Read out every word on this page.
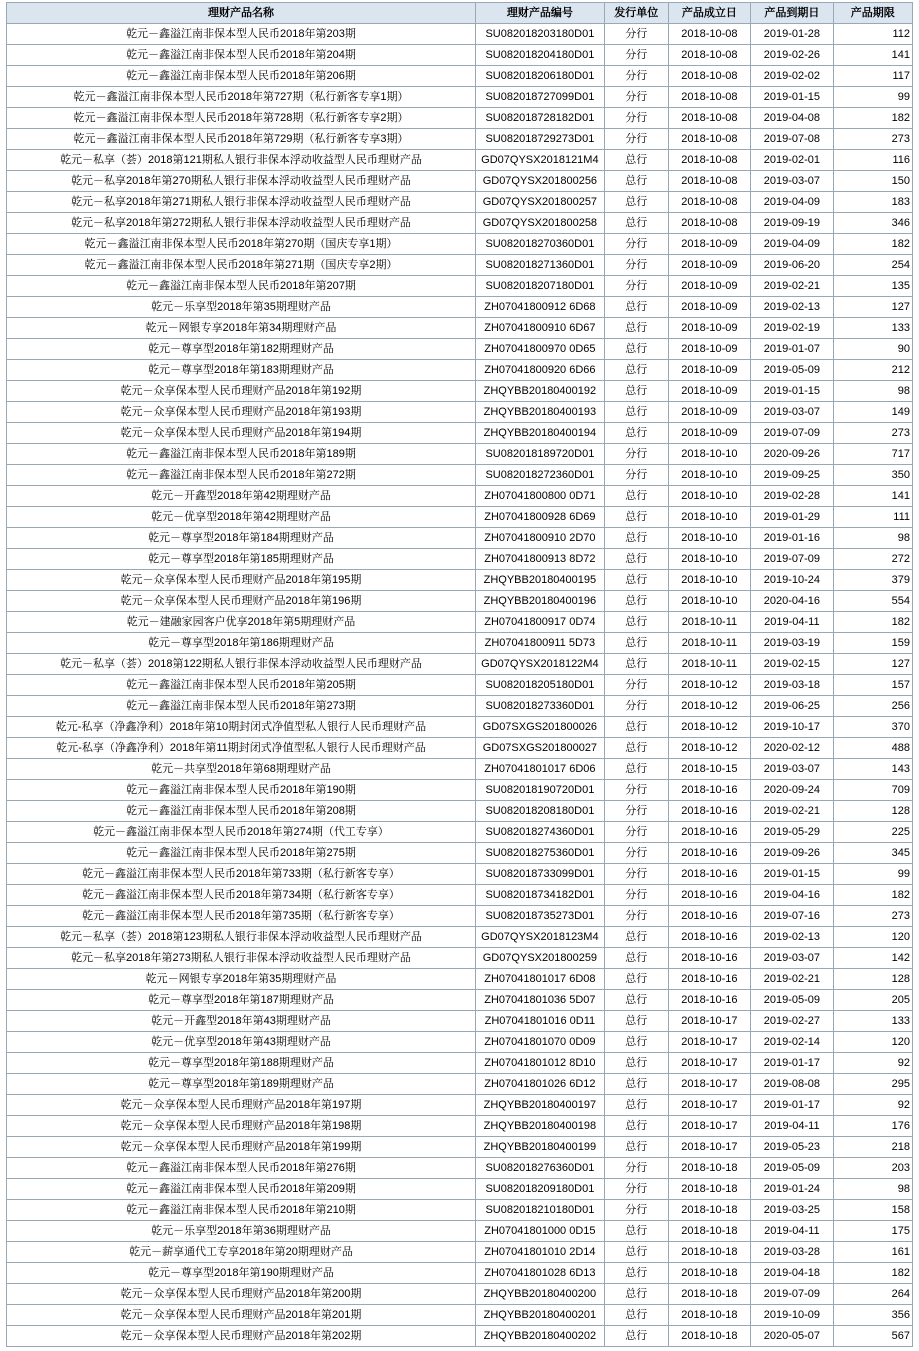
理财产品名称	理财产品编号	发行单位	产品成立日	产品到期日	产品期限
乾元－鑫溢江南非保本型人民币2018年第203期	SU082018203180D01	分行	2018-10-08	2019-01-28	112
乾元－鑫溢江南非保本型人民币2018年第204期	SU082018204180D01	分行	2018-10-08	2019-02-26	141
乾元－鑫溢江南非保本型人民币2018年第206期	SU082018206180D01	分行	2018-10-08	2019-02-02	117
乾元－鑫溢江南非保本型人民币2018年第727期（私行新客专享1期）	SU082018727099D01	分行	2018-10-08	2019-01-15	99
乾元－鑫溢江南非保本型人民币2018年第728期（私行新客专享2期）	SU082018728182D01	分行	2018-10-08	2019-04-08	182
乾元－鑫溢江南非保本型人民币2018年第729期（私行新客专享3期）	SU082018729273D01	分行	2018-10-08	2019-07-08	273
乾元－私享（荟）2018第121期私人银行非保本浮动收益型人民币理财产品	GD07QYSX2018121M4	总行	2018-10-08	2019-02-01	116
乾元－私享2018年第270期私人银行非保本浮动收益型人民币理财产品	GD07QYSX201800256	总行	2018-10-08	2019-03-07	150
乾元－私享2018年第271期私人银行非保本浮动收益型人民币理财产品	GD07QYSX201800257	总行	2018-10-08	2019-04-09	183
乾元－私享2018年第272期私人银行非保本浮动收益型人民币理财产品	GD07QYSX201800258	总行	2018-10-08	2019-09-19	346
乾元－鑫溢江南非保本型人民币2018年第270期（国庆专享1期）	SU082018270360D01	分行	2018-10-09	2019-04-09	182
乾元－鑫溢江南非保本型人民币2018年第271期（国庆专享2期）	SU082018271360D01	分行	2018-10-09	2019-06-20	254
乾元－鑫溢江南非保本型人民币2018年第207期	SU082018207180D01	分行	2018-10-09	2019-02-21	135
乾元－乐享型2018年第35期理财产品	ZH07041800912 6D68	总行	2018-10-09	2019-02-13	127
乾元－网银专享2018年第34期理财产品	ZH07041800910 6D67	总行	2018-10-09	2019-02-19	133
乾元－尊享型2018年第182期理财产品	ZH07041800970 0D65	总行	2018-10-09	2019-01-07	90
乾元－尊享型2018年第183期理财产品	ZH07041800920 6D66	总行	2018-10-09	2019-05-09	212
乾元－众享保本型人民币理财产品2018年第192期	ZHQYBB20180400192	总行	2018-10-09	2019-01-15	98
乾元－众享保本型人民币理财产品2018年第193期	ZHQYBB20180400193	总行	2018-10-09	2019-03-07	149
乾元－众享保本型人民币理财产品2018年第194期	ZHQYBB20180400194	总行	2018-10-09	2019-07-09	273
乾元－鑫溢江南非保本型人民币2018年第189期	SU082018189720D01	分行	2018-10-10	2020-09-26	717
乾元－鑫溢江南非保本型人民币2018年第272期	SU082018272360D01	分行	2018-10-10	2019-09-25	350
乾元－开鑫型2018年第42期理财产品	ZH07041800800 0D71	总行	2018-10-10	2019-02-28	141
乾元－优享型2018年第42期理财产品	ZH07041800928 6D69	总行	2018-10-10	2019-01-29	111
乾元－尊享型2018年第184期理财产品	ZH07041800910 2D70	总行	2018-10-10	2019-01-16	98
乾元－尊享型2018年第185期理财产品	ZH07041800913 8D72	总行	2018-10-10	2019-07-09	272
乾元－众享保本型人民币理财产品2018年第195期	ZHQYBB20180400195	总行	2018-10-10	2019-10-24	379
乾元－众享保本型人民币理财产品2018年第196期	ZHQYBB20180400196	总行	2018-10-10	2020-04-16	554
乾元－建融家园客户优享2018年第5期理财产品	ZH07041800917 0D74	总行	2018-10-11	2019-04-11	182
乾元－尊享型2018年第186期理财产品	ZH07041800911 5D73	总行	2018-10-11	2019-03-19	159
乾元－私享（荟）2018第122期私人银行非保本浮动收益型人民币理财产品	GD07QYSX2018122M4	总行	2018-10-11	2019-02-15	127
乾元－鑫溢江南非保本型人民币2018年第205期	SU082018205180D01	分行	2018-10-12	2019-03-18	157
乾元－鑫溢江南非保本型人民币2018年第273期	SU082018273360D01	分行	2018-10-12	2019-06-25	256
乾元-私享（净鑫净利）2018年第10期封闭式净值型私人银行人民币理财产品	GD07SXGS201800026	总行	2018-10-12	2019-10-17	370
乾元-私享（净鑫净利）2018年第11期封闭式净值型私人银行人民币理财产品	GD07SXGS201800027	总行	2018-10-12	2020-02-12	488
乾元－共享型2018年第68期理财产品	ZH07041801017 6D06	总行	2018-10-15	2019-03-07	143
乾元－鑫溢江南非保本型人民币2018年第190期	SU082018190720D01	分行	2018-10-16	2020-09-24	709
乾元－鑫溢江南非保本型人民币2018年第208期	SU082018208180D01	分行	2018-10-16	2019-02-21	128
乾元－鑫溢江南非保本型人民币2018年第274期（代工专享）	SU082018274360D01	分行	2018-10-16	2019-05-29	225
乾元－鑫溢江南非保本型人民币2018年第275期	SU082018275360D01	分行	2018-10-16	2019-09-26	345
乾元－鑫溢江南非保本型人民币2018年第733期（私行新客专享）	SU082018733099D01	分行	2018-10-16	2019-01-15	99
乾元－鑫溢江南非保本型人民币2018年第734期（私行新客专享）	SU082018734182D01	分行	2018-10-16	2019-04-16	182
乾元－鑫溢江南非保本型人民币2018年第735期（私行新客专享）	SU082018735273D01	分行	2018-10-16	2019-07-16	273
乾元－私享（荟）2018第123期私人银行非保本浮动收益型人民币理财产品	GD07QYSX2018123M4	总行	2018-10-16	2019-02-13	120
乾元－私享2018年第273期私人银行非保本浮动收益型人民币理财产品	GD07QYSX201800259	总行	2018-10-16	2019-03-07	142
乾元－网银专享2018年第35期理财产品	ZH07041801017 6D08	总行	2018-10-16	2019-02-21	128
乾元－尊享型2018年第187期理财产品	ZH07041801036 5D07	总行	2018-10-16	2019-05-09	205
乾元－开鑫型2018年第43期理财产品	ZH07041801016 0D11	总行	2018-10-17	2019-02-27	133
乾元－优享型2018年第43期理财产品	ZH07041801070 0D09	总行	2018-10-17	2019-02-14	120
乾元－尊享型2018年第188期理财产品	ZH07041801012 8D10	总行	2018-10-17	2019-01-17	92
乾元－尊享型2018年第189期理财产品	ZH07041801026 6D12	总行	2018-10-17	2019-08-08	295
乾元－众享保本型人民币理财产品2018年第197期	ZHQYBB20180400197	总行	2018-10-17	2019-01-17	92
乾元－众享保本型人民币理财产品2018年第198期	ZHQYBB20180400198	总行	2018-10-17	2019-04-11	176
乾元－众享保本型人民币理财产品2018年第199期	ZHQYBB20180400199	总行	2018-10-17	2019-05-23	218
乾元－鑫溢江南非保本型人民币2018年第276期	SU082018276360D01	分行	2018-10-18	2019-05-09	203
乾元－鑫溢江南非保本型人民币2018年第209期	SU082018209180D01	分行	2018-10-18	2019-01-24	98
乾元－鑫溢江南非保本型人民币2018年第210期	SU082018210180D01	分行	2018-10-18	2019-03-25	158
乾元－乐享型2018年第36期理财产品	ZH07041801000 0D15	总行	2018-10-18	2019-04-11	175
乾元－薪享通代工专享2018年第20期理财产品	ZH07041801010 2D14	总行	2018-10-18	2019-03-28	161
乾元－尊享型2018年第190期理财产品	ZH07041801028 6D13	总行	2018-10-18	2019-04-18	182
乾元－众享保本型人民币理财产品2018年第200期	ZHQYBB20180400200	总行	2018-10-18	2019-07-09	264
乾元－众享保本型人民币理财产品2018年第201期	ZHQYBB20180400201	总行	2018-10-18	2019-10-09	356
乾元－众享保本型人民币理财产品2018年第202期	ZHQYBB20180400202	总行	2018-10-18	2020-05-07	567
